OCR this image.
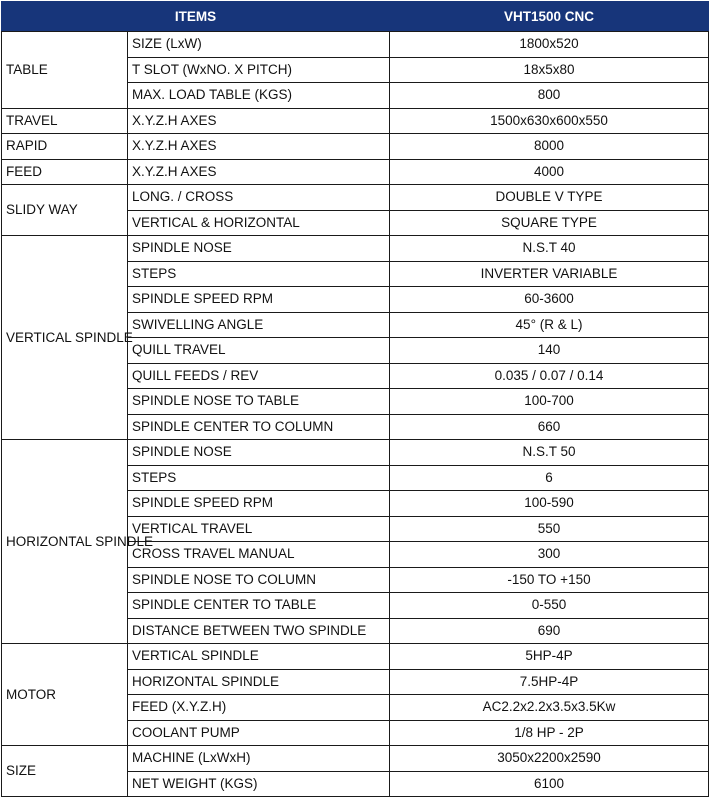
ITEMS		VHT1500 CNC
TABLE	SIZE (LxW)	1800x520
	T SLOT (WxNO. X PITCH)	18x5x80
	MAX. LOAD TABLE (KGS)	800
TRAVEL	X.Y.Z.H AXES	1500x630x600x550
RAPID	X.Y.Z.H AXES	8000
FEED	X.Y.Z.H AXES	4000
SLIDY WAY	LONG. / CROSS	DOUBLE V TYPE
	VERTICAL & HORIZONTAL	SQUARE TYPE
VERTICAL SPINDLE	SPINDLE NOSE	N.S.T 40
	STEPS	INVERTER VARIABLE
	SPINDLE SPEED RPM	60-3600
	SWIVELLING ANGLE	45° (R & L)
	QUILL TRAVEL	140
	QUILL FEEDS / REV	0.035 / 0.07 / 0.14
	SPINDLE NOSE TO TABLE	100-700
	SPINDLE CENTER TO COLUMN	660
HORIZONTAL SPINDLE	SPINDLE NOSE	N.S.T 50
	STEPS	6
	SPINDLE SPEED RPM	100-590
	VERTICAL TRAVEL	550
	CROSS TRAVEL MANUAL	300
	SPINDLE NOSE TO COLUMN	-150 TO +150
	SPINDLE CENTER TO TABLE	0-550
	DISTANCE BETWEEN TWO SPINDLE	690
MOTOR	VERTICAL SPINDLE	5HP-4P
	HORIZONTAL SPINDLE	7.5HP-4P
	FEED (X.Y.Z.H)	AC2.2x2.2x3.5x3.5Kw
	COOLANT PUMP	1/8 HP - 2P
SIZE	MACHINE (LxWxH)	3050x2200x2590
	NET WEIGHT (KGS)	6100
